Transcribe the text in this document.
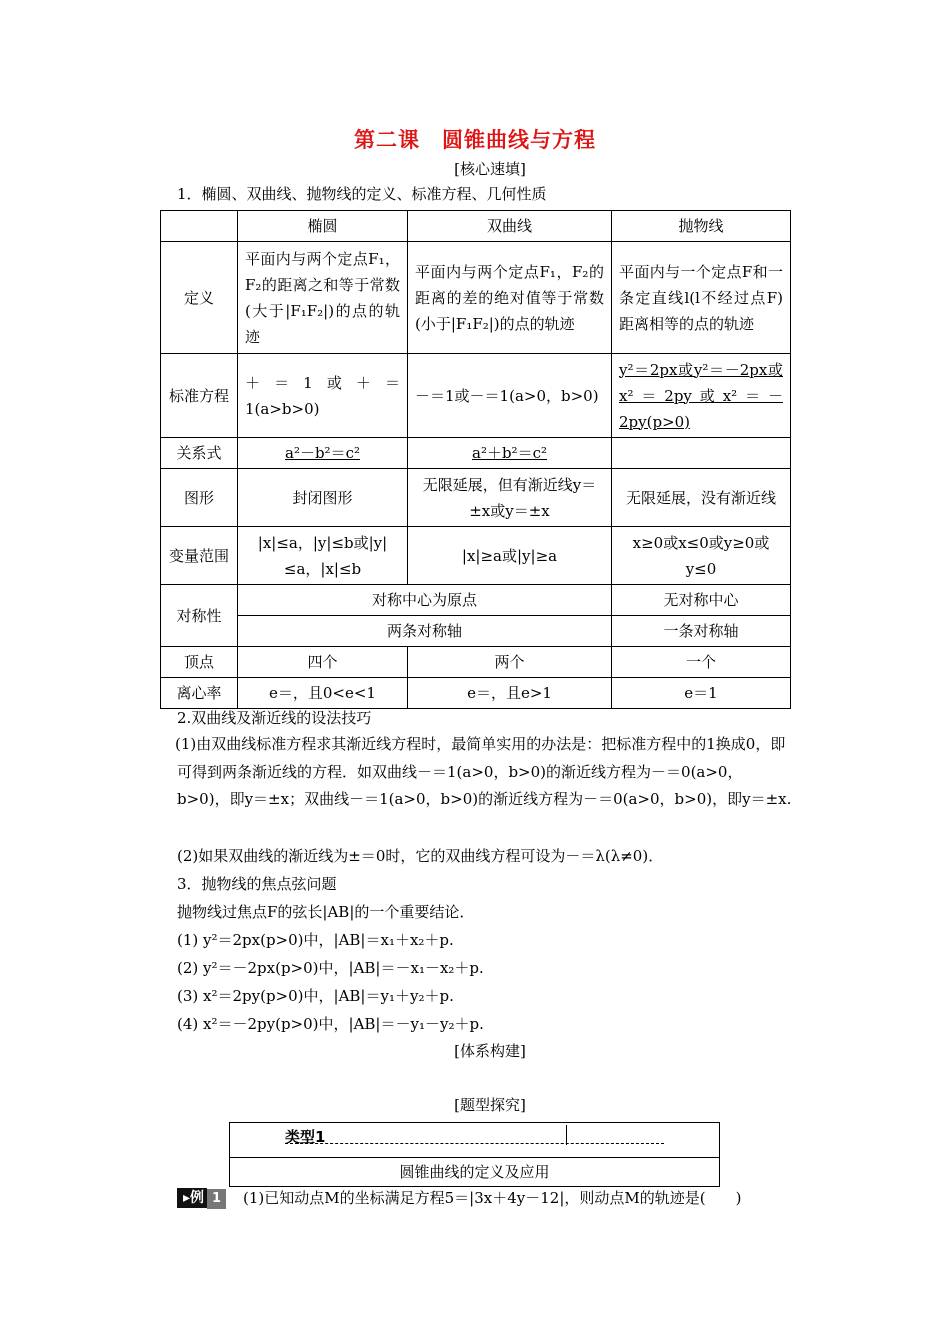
第二课　圆锥曲线与方程
[核心速填]
1．椭圆、双曲线、抛物线的定义、标准方程、几何性质
	椭圆	双曲线	抛物线
定义	平面内与两个定点F₁，F₂的距离之和等于常数(大于|F₁F₂|)的点的轨迹	平面内与两个定点F₁，F₂的距离的差的绝对值等于常数(小于|F₁F₂|)的点的轨迹	平面内与一个定点F和一条定直线l(l不经过点F)距离相等的点的轨迹
标准方程	＋＝1或＋＝1(a>b>0)	－＝1或－＝1(a>0，b>0)	y²＝2px或y²＝－2px或x²＝2py或x²＝－2py(p>0)
关系式	a²－b²＝c²	a²＋b²＝c²	
图形	封闭图形	无限延展，但有渐近线y＝±x或y＝±x	无限延展，没有渐近线
变量范围	|x|≤a，|y|≤b或|y|≤a，|x|≤b	|x|≥a或|y|≥a	x≥0或x≤0或y≥0或y≤0
对称性	对称中心为原点		无对称中心
	两条对称轴		一条对称轴
顶点	四个	两个	一个
离心率	e＝，且0<e<1	e＝，且e>1	e＝1
2.双曲线及渐近线的设法技巧
(1)由双曲线标准方程求其渐近线方程时，最简单实用的办法是：把标准方程中的1换成0，即可得到两条渐近线的方程．如双曲线－＝1(a>0，b>0)的渐近线方程为－＝0(a>0，b>0)，即y＝±x；双曲线－＝1(a>0，b>0)的渐近线方程为－＝0(a>0，b>0)，即y＝±x.
(2)如果双曲线的渐近线为±＝0时，它的双曲线方程可设为－＝λ(λ≠0)．
3．抛物线的焦点弦问题
抛物线过焦点F的弦长|AB|的一个重要结论．
(1) y²＝2px(p>0)中，|AB|＝x₁＋x₂＋p.
(2) y²＝－2px(p>0)中，|AB|＝－x₁－x₂＋p.
(3) x²＝2py(p>0)中，|AB|＝y₁＋y₂＋p.
(4) x²＝－2py(p>0)中，|AB|＝－y₁－y₂＋p.
[体系构建]
[题型探究]
类型1
圆锥曲线的定义及应用
▸例 1 (1)已知动点M的坐标满足方程5＝|3x＋4y－12|，则动点M的轨迹是(　　)
